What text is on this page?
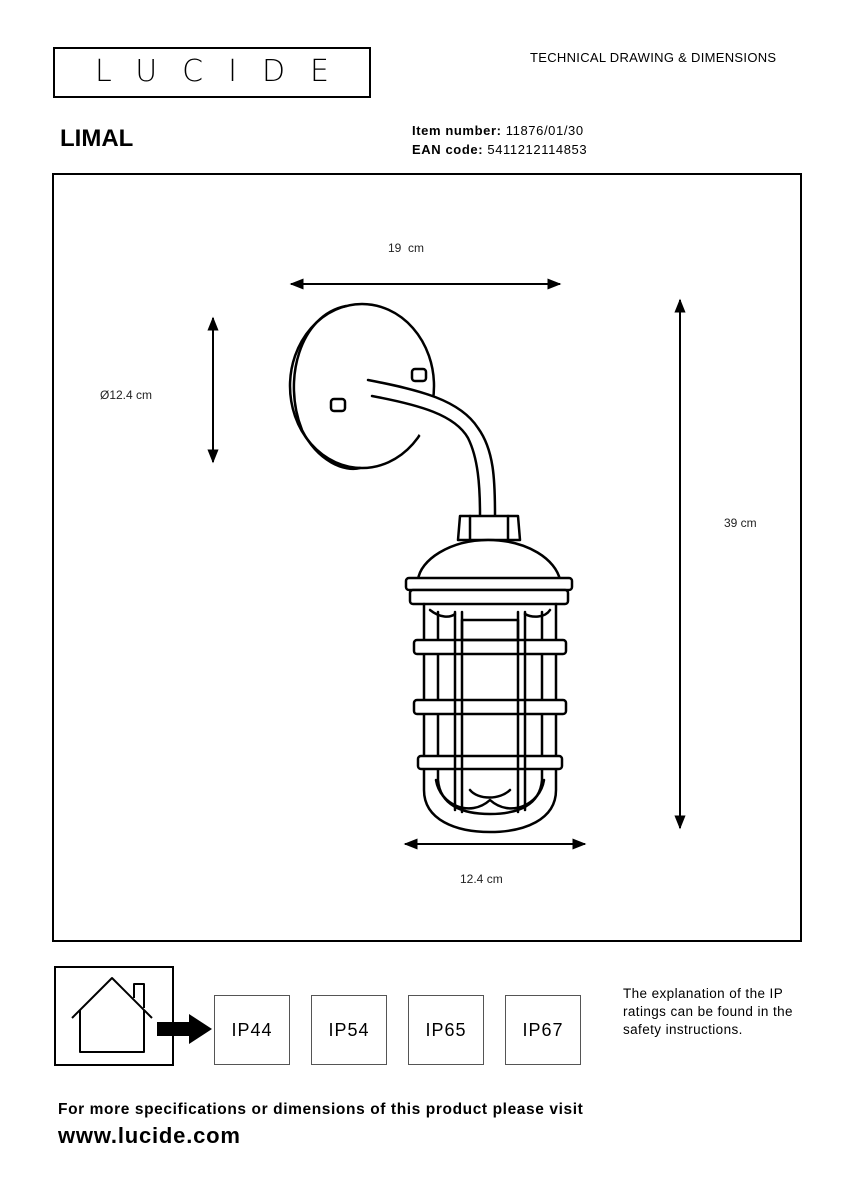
LUCIDE	TECHNICAL DRAWING & DIMENSIONS
LIMAL	Item number: 11876/01/30
EAN code: 5411212114853
19  cm
Ø12.4 cm
39 cm
12.4 cm
IP44	IP54	IP65	IP67
The explanation of the IP ratings can be found in the safety instructions.
For more specifications or dimensions of this product please visit
www.lucide.com
